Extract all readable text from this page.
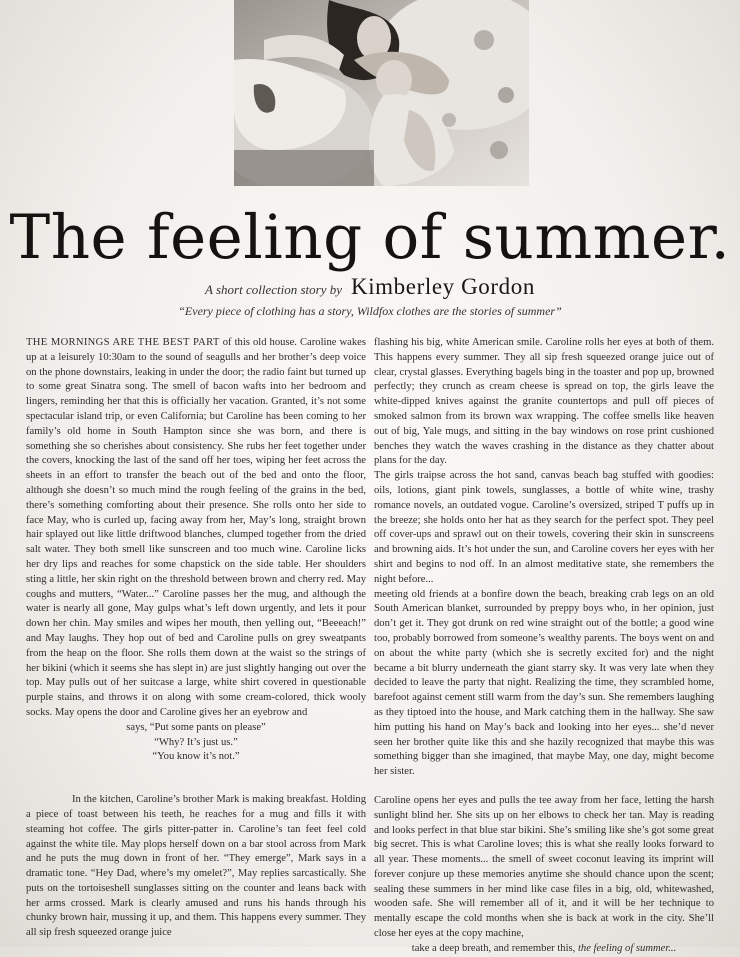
The feeling of summer.
A short collection story by Kimberley Gordon
“Every piece of clothing has a story, Wildfox clothes are the stories of summer”

THE MORNINGS ARE THE BEST PART of this old house. Caroline wakes up at a leisurely 10:30am to the sound of seagulls and her brother’s deep voice on the phone downstairs, leaking in under the door; the radio faint but turned up to some great Sinatra song. The smell of bacon wafts into her bedroom and lingers, reminding her that this is officially her vacation. Granted, it’s not some spectacular island trip, or even California; but Caroline has been coming to her family’s old home in South Hampton since she was born, and there is something she so cherishes about consistency. She rubs her feet together under the covers, knocking the last of the sand off her toes, wiping her feet across the sheets in an effort to transfer the beach out of the bed and onto the floor, although she doesn’t so much mind the rough feeling of the grains in the bed, there’s something comforting about their presence. She rolls onto her side to face May, who is curled up, facing away from her, May’s long, straight brown hair splayed out like little driftwood blanches, clumped together from the dried salt water. They both smell like sunscreen and too much wine. Caroline licks her dry lips and reaches for some chapstick on the side table. Her shoulders sting a little, her skin right on the threshold between brown and cherry red. May coughs and mutters, “Water...” Caroline passes her the mug, and although the water is nearly all gone, May gulps what’s left down urgently, and lets it pour down her chin. May smiles and wipes her mouth, then yelling out, “Beeeach!” and May laughs. They hop out of bed and Caroline pulls on grey sweatpants from the heap on the floor. She rolls them down at the waist so the strings of her bikini (which it seems she has slept in) are just slightly hanging out over the top. May pulls out of her suitcase a large, white shirt covered in questionable purple stains, and throws it on along with some cream-colored, thick wooly socks. May opens the door and Caroline gives her an eyebrow and

says, “Put some pants on please”

“Why? It’s just us.”

“You know it’s not.”

In the kitchen, Caroline’s brother Mark is making breakfast. Holding a piece of toast between his teeth, he reaches for a mug and fills it with steaming hot coffee. The girls pitter-patter in. Caroline’s tan feet feel cold against the white tile. May plops herself down on a bar stool across from Mark and he puts the mug down in front of her. “They emerge”, Mark says in a dramatic tone. “Hey Dad, where’s my omelet?”, May replies sarcastically. She puts on the tortoiseshell sunglasses sitting on the counter and leans back with her arms crossed. Mark is clearly amused and runs his hands through his chunky brown hair, mussing it up, and them. This happens every summer. They all sip fresh squeezed orange juice

flashing his big, white American smile. Caroline rolls her eyes at both of them. This happens every summer. They all sip fresh squeezed orange juice out of clear, crystal glasses. Everything bagels bing in the toaster and pop up, browned perfectly; they crunch as cream cheese is spread on top, the girls leave the white-dipped knives against the granite countertops and pull off pieces of smoked salmon from its brown wax wrapping. The coffee smells like heaven out of big, Yale mugs, and sitting in the bay windows on rose print cushioned benches they watch the waves crashing in the distance as they chatter about plans for the day.

The girls traipse across the hot sand, canvas beach bag stuffed with goodies: oils, lotions, giant pink towels, sunglasses, a bottle of white wine, trashy romance novels, an outdated vogue. Caroline’s oversized, striped T puffs up in the breeze; she holds onto her hat as they search for the perfect spot. They peel off cover-ups and sprawl out on their towels, covering their skin in sunscreens and browning aids. It’s hot under the sun, and Caroline covers her eyes with her shirt and begins to nod off. In an almost meditative state, she remembers the night before...

meeting old friends at a bonfire down the beach, breaking crab legs on an old South American blanket, surrounded by preppy boys who, in her opinion, just don’t get it. They got drunk on red wine straight out of the bottle; a good wine too, probably borrowed from someone’s wealthy parents. The boys went on and on about the white party (which she is secretly excited for) and the night became a bit blurry underneath the giant starry sky. It was very late when they decided to leave the party that night. Realizing the time, they scrambled home, barefoot against cement still warm from the day’s sun. She remembers laughing as they tiptoed into the house, and Mark catching them in the hallway. She saw him putting his hand on May’s back and looking into her eyes... she’d never seen her brother quite like this and she hazily recognized that maybe this was something bigger than she imagined, that maybe May, one day, might become her sister.

Caroline opens her eyes and pulls the tee away from her face, letting the harsh sunlight blind her. She sits up on her elbows to check her tan. May is reading and looks perfect in that blue star bikini. She’s smiling like she’s got some great big secret. This is what Caroline loves; this is what she really looks forward to all year. These moments... the smell of sweet coconut leaving its imprint will forever conjure up these memories anytime she should chance upon the scent; sealing these summers in her mind like case files in a big, old, whitewashed, wooden safe. She will remember all of it, and it will be her technique to mentally escape the cold months when she is back at work in the city. She’ll close her eyes at the copy machine,

take a deep breath, and remember this, the feeling of summer...
